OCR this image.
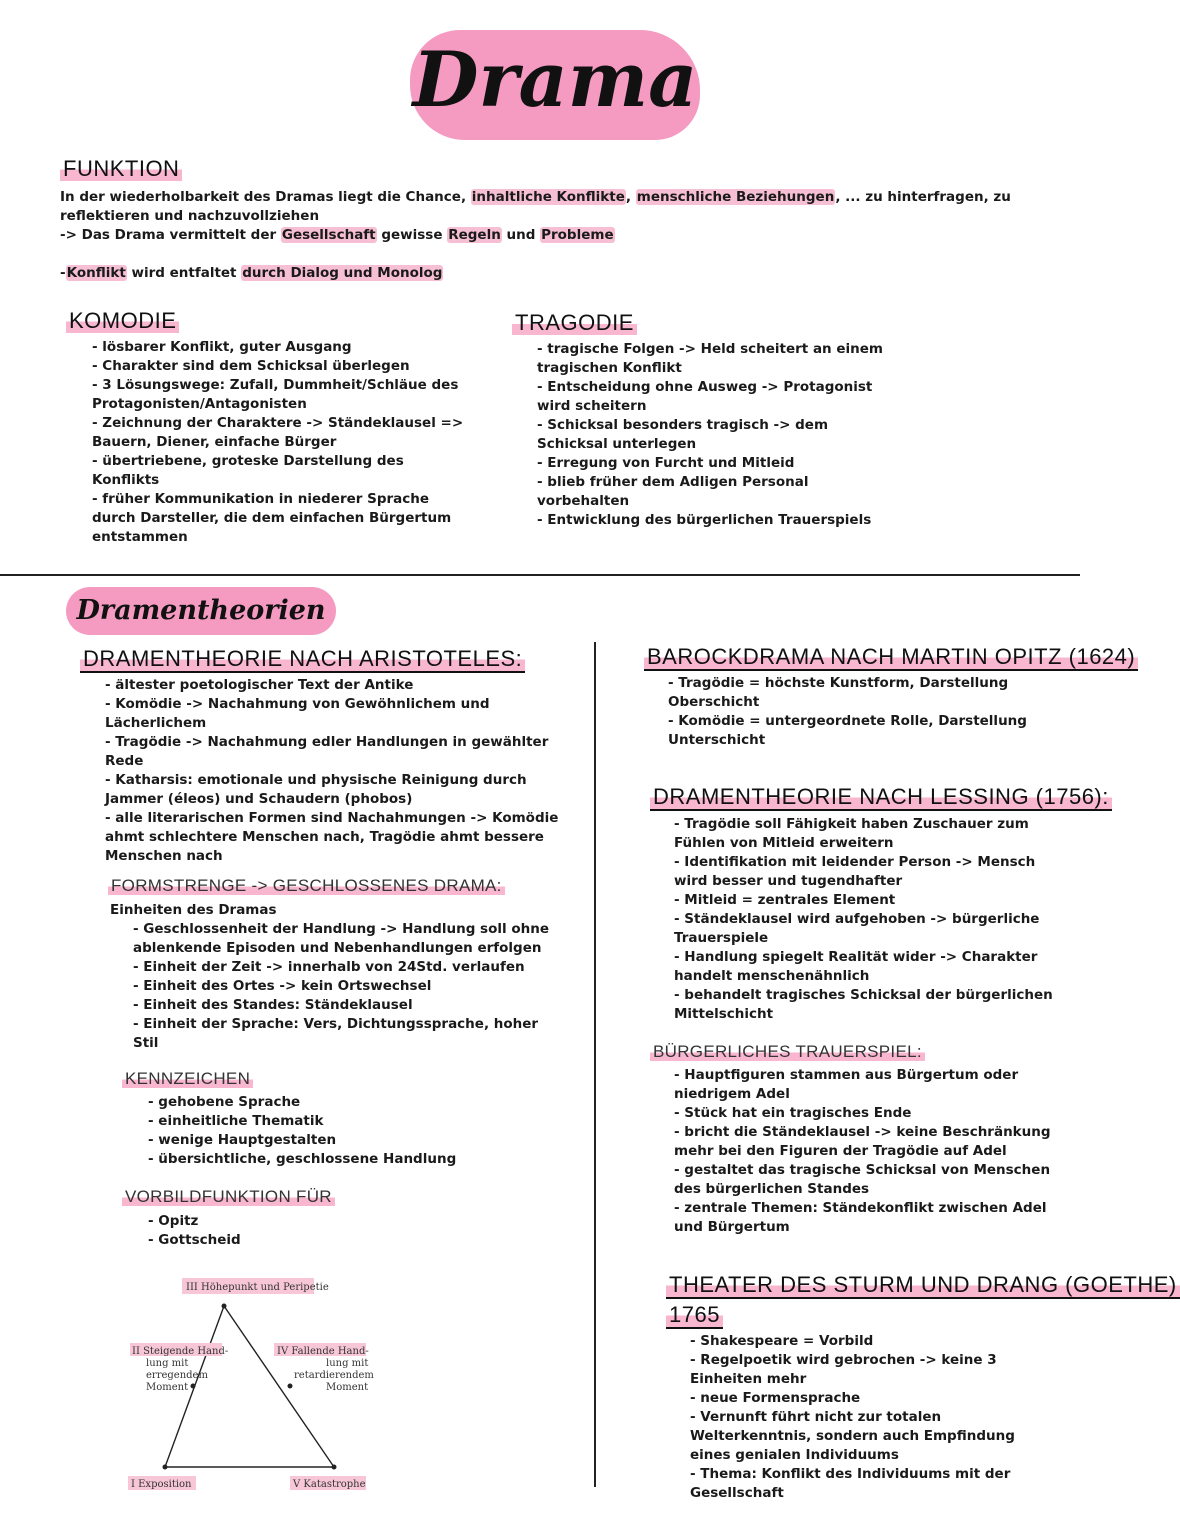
Drama
FUNKTION

In der wiederholbarkeit des Dramas liegt die Chance, inhaltliche Konflikte, menschliche Beziehungen, ... zu hinterfragen, zu reflektieren und nachzuvollziehen

-> Das Drama vermittelt der Gesellschaft gewisse Regeln und Probleme

-Konflikt wird entfaltet durch Dialog und Monolog

KOMODIE

- lösbarer Konflikt, guter Ausgang

- Charakter sind dem Schicksal überlegen

- 3 Lösungswege: Zufall, Dummheit/Schläue des Protagonisten/Antagonisten

- Zeichnung der Charaktere -> Ständeklausel => Bauern, Diener, einfache Bürger

- übertriebene, groteske Darstellung des Konflikts

- früher Kommunikation in niederer Sprache durch Darsteller, die dem einfachen Bürgertum entstammen

TRAGODIE

- tragische Folgen -> Held scheitert an einem tragischen Konflikt

- Entscheidung ohne Ausweg -> Protagonist wird scheitern

- Schicksal besonders tragisch -> dem Schicksal unterlegen

- Erregung von Furcht und Mitleid

- blieb früher dem Adligen Personal vorbehalten

- Entwicklung des bürgerlichen Trauerspiels

Dramentheorien
DRAMENTHEORIE NACH ARISTOTELES:

- ältester poetologischer Text der Antike

- Komödie -> Nachahmung von Gewöhnlichem und Lächerlichem

- Tragödie -> Nachahmung edler Handlungen in gewählter Rede

- Katharsis: emotionale und physische Reinigung durch Jammer (éleos) und Schaudern (phobos)

- alle literarischen Formen sind Nachahmungen -> Komödie ahmt schlechtere Menschen nach, Tragödie ahmt bessere Menschen nach

FORMSTRENGE -> GESCHLOSSENES DRAMA:

Einheiten des Dramas

- Geschlossenheit der Handlung -> Handlung soll ohne ablenkende Episoden und Nebenhandlungen erfolgen

- Einheit der Zeit -> innerhalb von 24Std. verlaufen

- Einheit des Ortes -> kein Ortswechsel

- Einheit des Standes: Ständeklausel

- Einheit der Sprache: Vers, Dichtungssprache, hoher Stil

KENNZEICHEN

- gehobene Sprache

- einheitliche Thematik

- wenige Hauptgestalten

- übersichtliche, geschlossene Handlung

VORBILDFUNKTION FÜR

- Opitz

- Gottscheid

III Höhepunkt und Peripetie
II Steigende Hand-
lung mit
erregendem
Moment
IV Fallende Hand-
lung mit
retardierendem
Moment
I Exposition	V Katastrophe
BAROCKDRAMA NACH MARTIN OPITZ (1624)

- Tragödie = höchste Kunstform, Darstellung Oberschicht

- Komödie = untergeordnete Rolle, Darstellung Unterschicht

DRAMENTHEORIE NACH LESSING (1756):

- Tragödie soll Fähigkeit haben Zuschauer zum Fühlen von Mitleid erweitern

- Identifikation mit leidender Person -> Mensch wird besser und tugendhafter

- Mitleid = zentrales Element

- Ständeklausel wird aufgehoben -> bürgerliche Trauerspiele

- Handlung spiegelt Realität wider -> Charakter handelt menschenähnlich

- behandelt tragisches Schicksal der bürgerlichen Mittelschicht

BÜRGERLICHES TRAUERSPIEL:

- Hauptfiguren stammen aus Bürgertum oder niedrigem Adel

- Stück hat ein tragisches Ende

- bricht die Ständeklausel -> keine Beschränkung mehr bei den Figuren der Tragödie auf Adel

- gestaltet das tragische Schicksal von Menschen des bürgerlichen Standes

- zentrale Themen: Ständekonflikt zwischen Adel und Bürgertum

THEATER DES STURM UND DRANG (GOETHE)
1765

- Shakespeare = Vorbild

- Regelpoetik wird gebrochen -> keine 3 Einheiten mehr

- neue Formensprache

- Vernunft führt nicht zur totalen Welterkenntnis, sondern auch Empfindung eines genialen Individuums

- Thema: Konflikt des Individuums mit der Gesellschaft
